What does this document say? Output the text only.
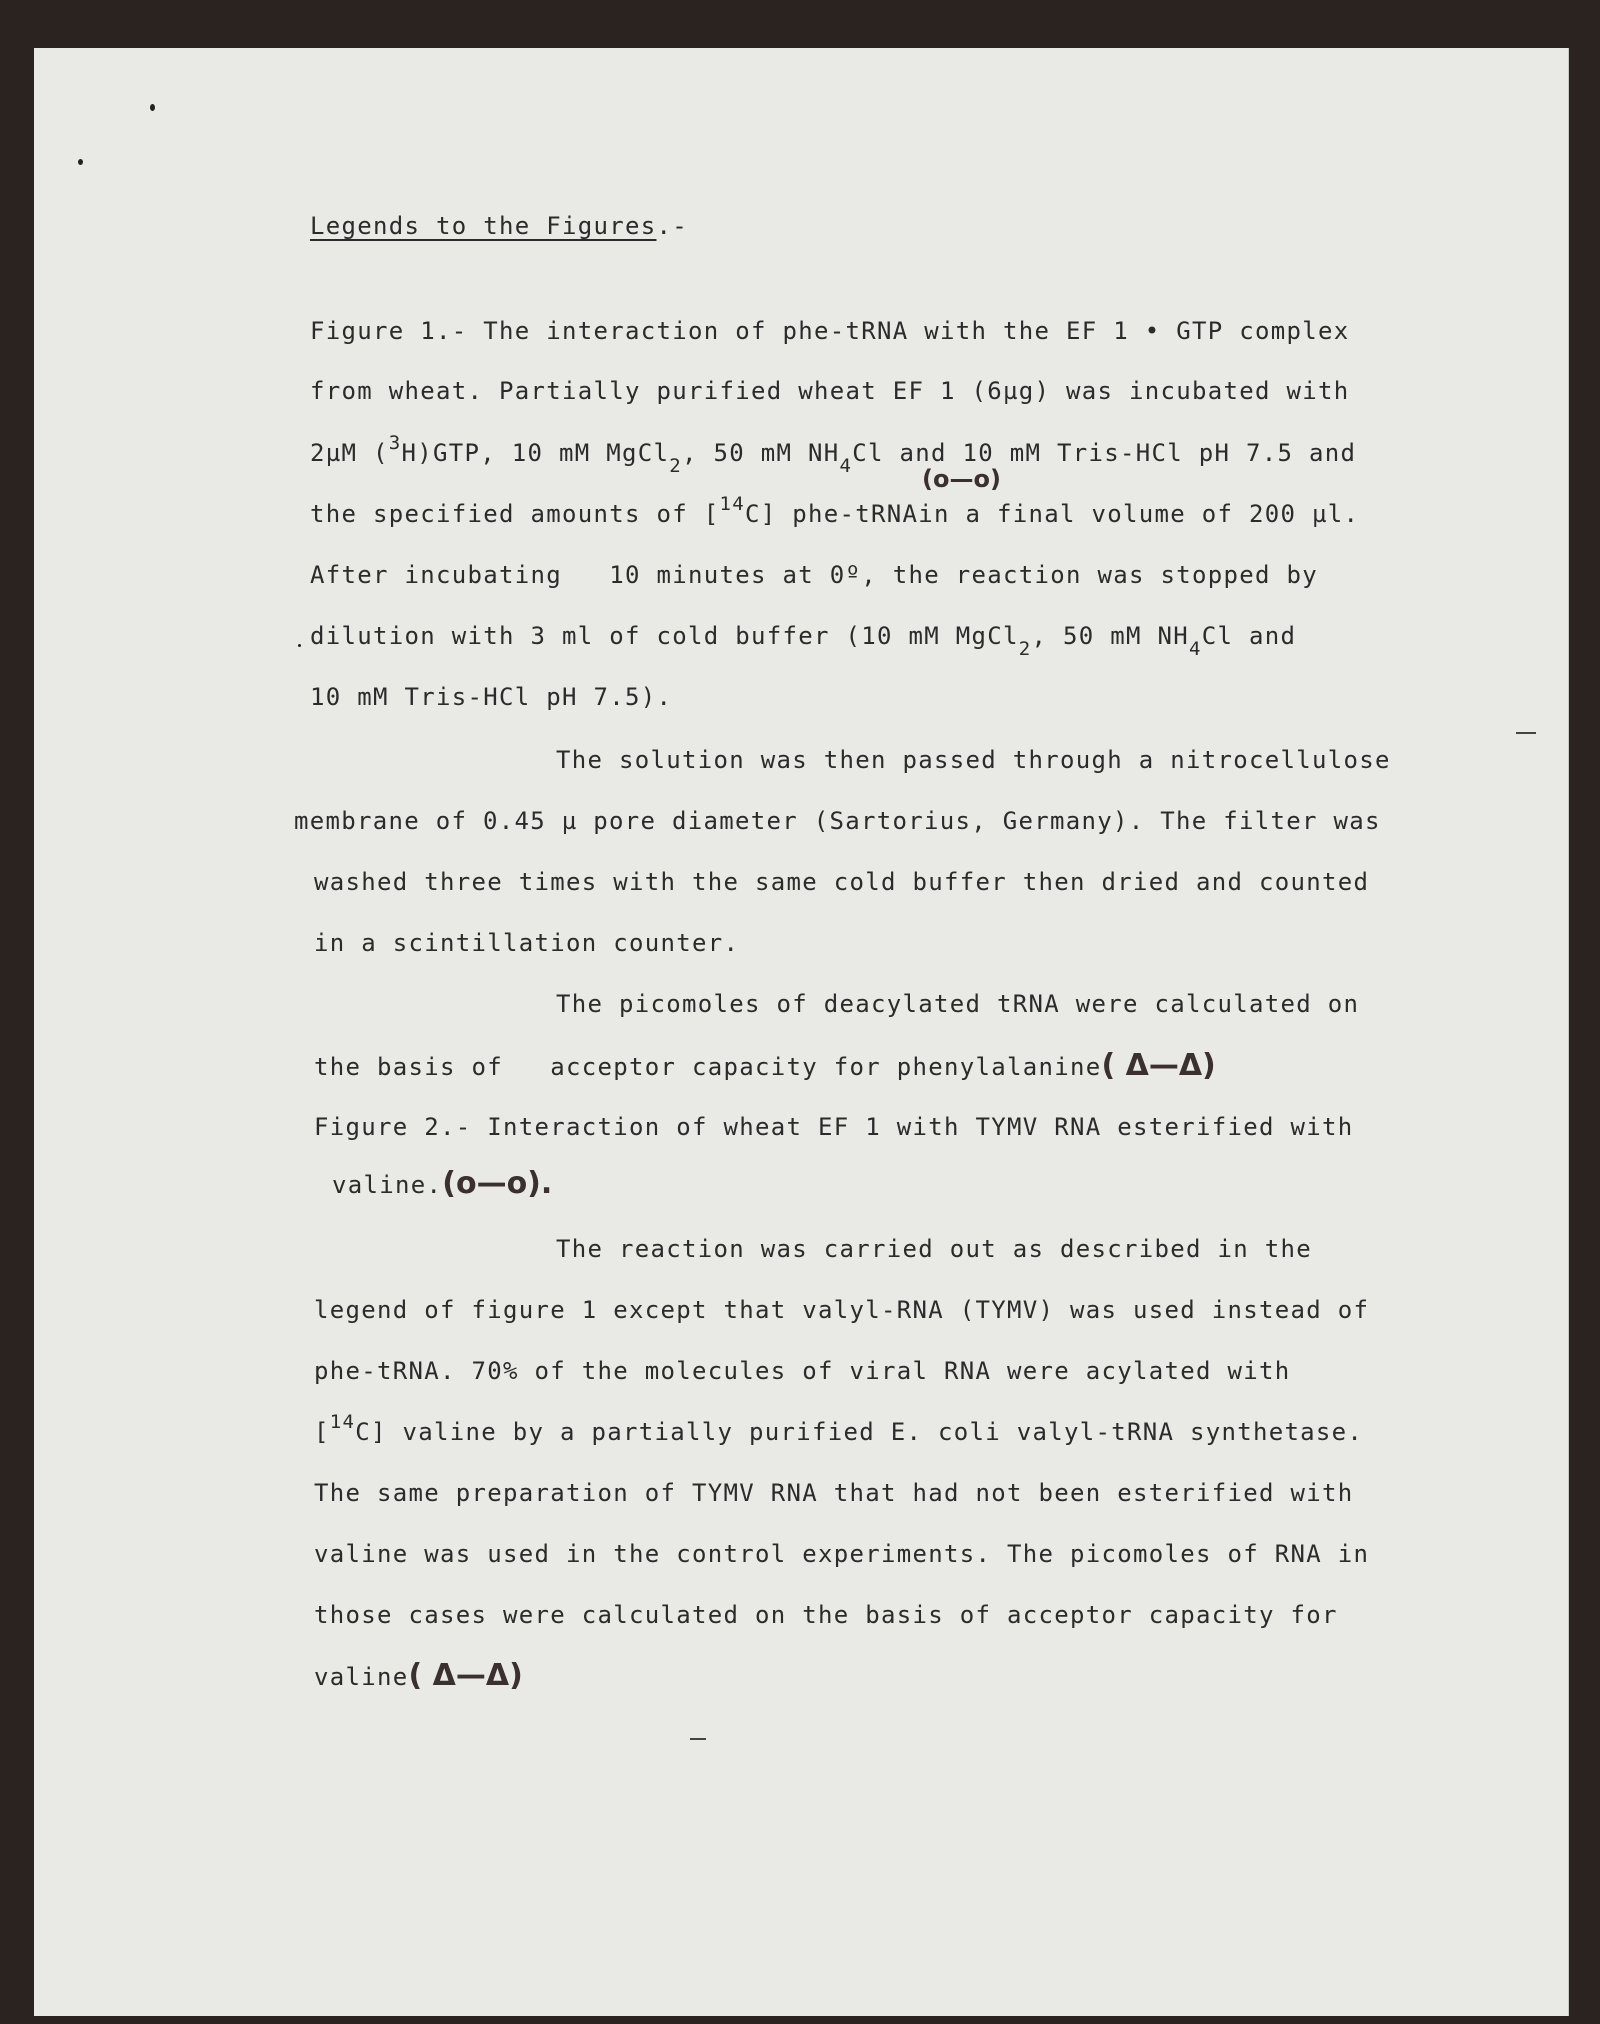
Legends to the Figures.-
Figure 1.- The interaction of phe-tRNA with the EF 1 • GTP complex
from wheat. Partially purified wheat EF 1 (6µg) was incubated with
2µM ($^3$H)GTP, 10 mM MgCl$_2$, 50 mM $NH_4Cl$ and 10 mM Tris-HCl pH 7.5 and
(o—o)
the specified amounts of [$^{14}$C] phe-tRNAin a final volume of 200 µl.
After incubating   10 minutes at 0º, the reaction was stopped by
dilution with 3 ml of cold buffer (10 mM MgCl$_2$, 50 mM $NH_4Cl$ and
10 mM Tris-HCl pH 7.5).
The solution was then passed through a nitrocellulose
membrane of 0.45 µ pore diameter (Sartorius, Germany). The filter was
washed three times with the same cold buffer then dried and counted
in a scintillation counter.
The picomoles of deacylated tRNA were calculated on
the basis of   acceptor capacity for phenylalanine( Δ—Δ)
Figure 2.- Interaction of wheat EF 1 with TYMV RNA esterified with
valine.(o—o).
The reaction was carried out as described in the
legend of figure 1 except that valyl-RNA (TYMV) was used instead of
phe-tRNA. 70% of the molecules of viral RNA were acylated with
[$^{14}$C] valine by a partially purified E. coli valyl-tRNA synthetase.
The same preparation of TYMV RNA that had not been esterified with
valine was used in the control experiments. The picomoles of RNA in
those cases were calculated on the basis of acceptor capacity for
valine( Δ—Δ)
